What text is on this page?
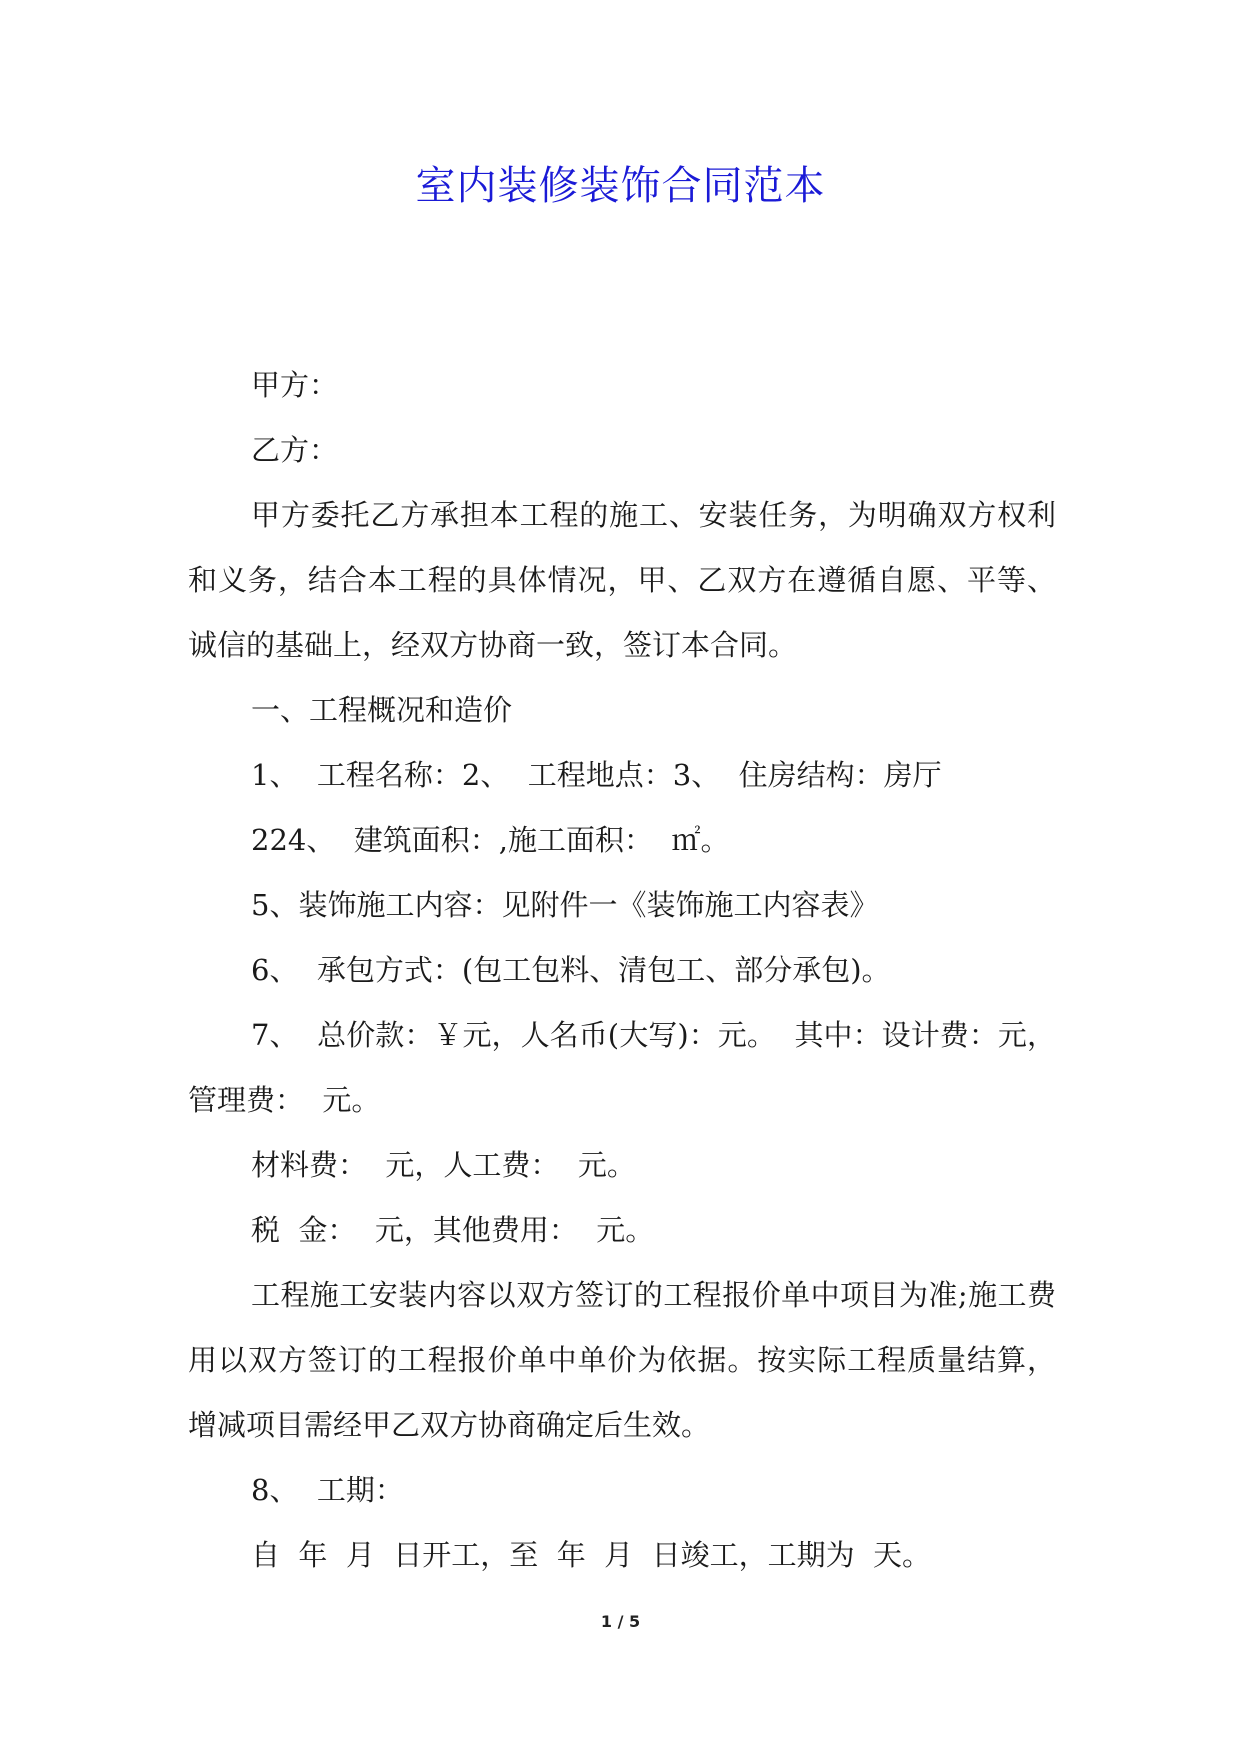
室内装修装饰合同范本

甲方：

乙方：

甲方委托乙方承担本工程的施工、安装任务，为明确双方权利和义务，结合本工程的具体情况，甲、乙双方在遵循自愿、平等、诚信的基础上，经双方协商一致，签订本合同。

一、工程概况和造价

1、  工程名称：2、  工程地点：3、  住房结构：房厅

224、  建筑面积：,施工面积：  ㎡。

5、装饰施工内容：见附件一《装饰施工内容表》

6、  承包方式：(包工包料、清包工、部分承包)。

7、  总价款：￥元，人名币(大写)：元。  其中：设计费：元，管理费：  元。

材料费：  元，人工费：  元。

税  金：  元，其他费用：  元。

工程施工安装内容以双方签订的工程报价单中项目为准;施工费用以双方签订的工程报价单中单价为依据。按实际工程质量结算，增减项目需经甲乙双方协商确定后生效。

8、  工期：

自  年  月  日开工，至  年  月  日竣工，工期为  天。

1 / 5
